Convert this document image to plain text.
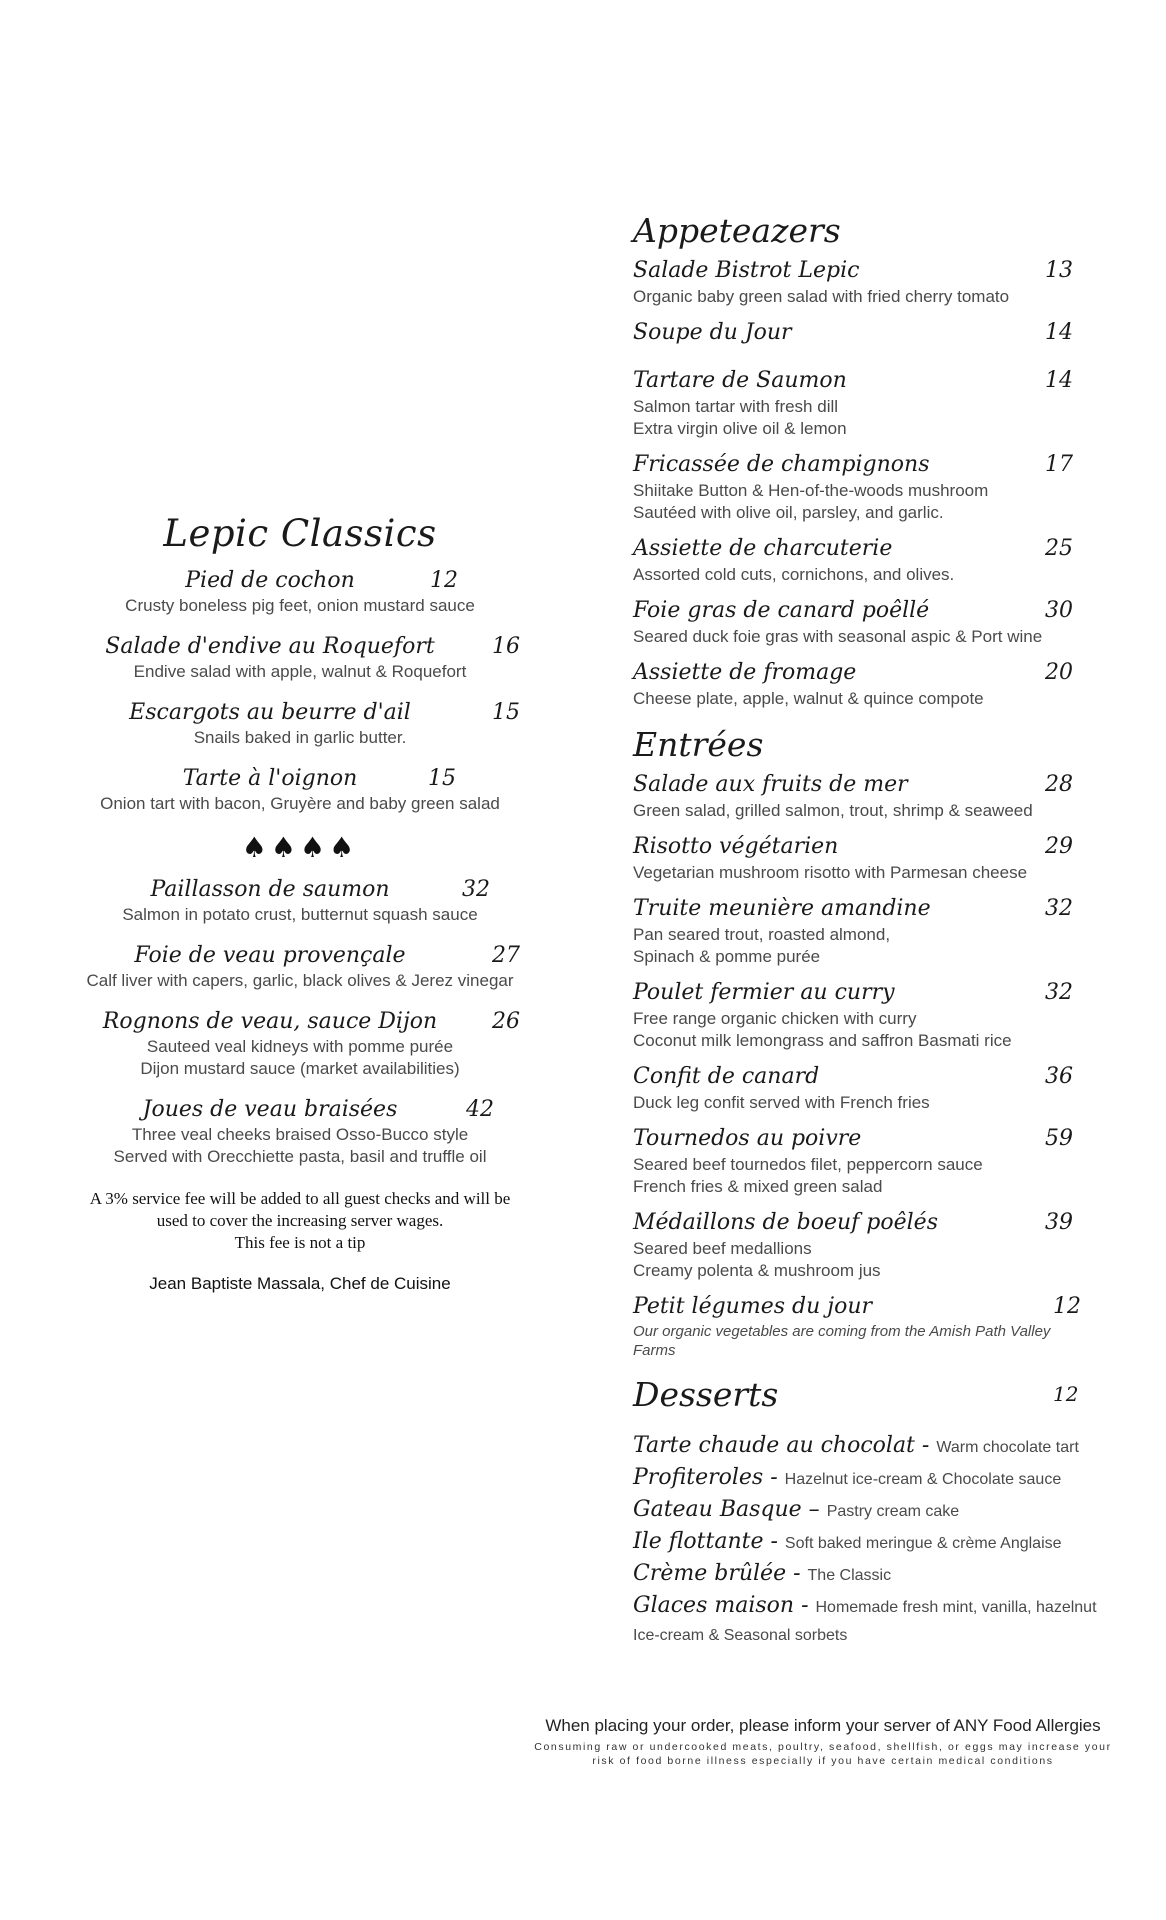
Lepic Classics
Pied de cochon	12
Crusty boneless pig feet, onion mustard sauce
Salade d'endive au Roquefort	16
Endive salad with apple, walnut & Roquefort
Escargots au beurre d'ail	15
Snails baked in garlic butter.
Tarte à l'oignon	15
Onion tart with bacon, Gruyère and baby green salad
♠♠♠♠
Paillasson de saumon	32
Salmon in potato crust, butternut squash sauce
Foie de veau provençale	27
Calf liver with capers, garlic, black olives & Jerez vinegar
Rognons de veau, sauce Dijon 26
Sauteed veal kidneys with pomme purée
Dijon mustard sauce (market availabilities)
Joues de veau braisées	42
Three veal cheeks braised Osso-Bucco style
Served with Orecchiette pasta, basil and truffle oil
A 3% service fee will be added to all guest checks and will be
used to cover the increasing server wages.
This fee is not a tip
Jean Baptiste Massala, Chef de Cuisine
Appeteazers
Salade Bistrot Lepic	13
Organic baby green salad with fried cherry tomato
Soupe du Jour	14
Tartare de Saumon	14
Salmon tartar with fresh dill
Extra virgin olive oil & lemon
Fricassée de champignons	17
Shiitake Button & Hen-of-the-woods mushroom
Sautéed with olive oil, parsley, and garlic.
Assiette de charcuterie	25
Assorted cold cuts, cornichons, and olives.
Foie gras de canard poêllé	30
Seared duck foie gras with seasonal aspic & Port wine
Assiette de fromage	20
Cheese plate, apple, walnut & quince compote
Entrées
Salade aux fruits de mer	28
Green salad, grilled salmon, trout, shrimp & seaweed
Risotto végétarien	29
Vegetarian mushroom risotto with Parmesan cheese
Truite meunière amandine	32
Pan seared trout, roasted almond,
Spinach & pomme purée
Poulet fermier au curry	32
Free range organic chicken with curry
Coconut milk lemongrass and saffron Basmati rice
Confit de canard	36
Duck leg confit served with French fries
Tournedos au poivre	59
Seared beef tournedos filet, peppercorn sauce
French fries & mixed green salad
Médaillons de boeuf poêlés	39
Seared beef medallions
Creamy polenta & mushroom jus
Petit légumes du jour	12
Our organic vegetables are coming from the Amish Path Valley
Farms
Desserts	12
Tarte chaude au chocolat - Warm chocolate tart
Profiteroles - Hazelnut ice-cream & Chocolate sauce
Gateau Basque – Pastry cream cake
Ile flottante - Soft baked meringue & crème Anglaise
Crème brûlée - The Classic
Glaces maison - Homemade fresh mint, vanilla, hazelnut
Ice-cream & Seasonal sorbets
When placing your order, please inform your server of ANY Food Allergies
Consuming raw or undercooked meats, poultry, seafood, shellfish, or eggs may increase your
risk of food borne illness especially if you have certain medical conditions
